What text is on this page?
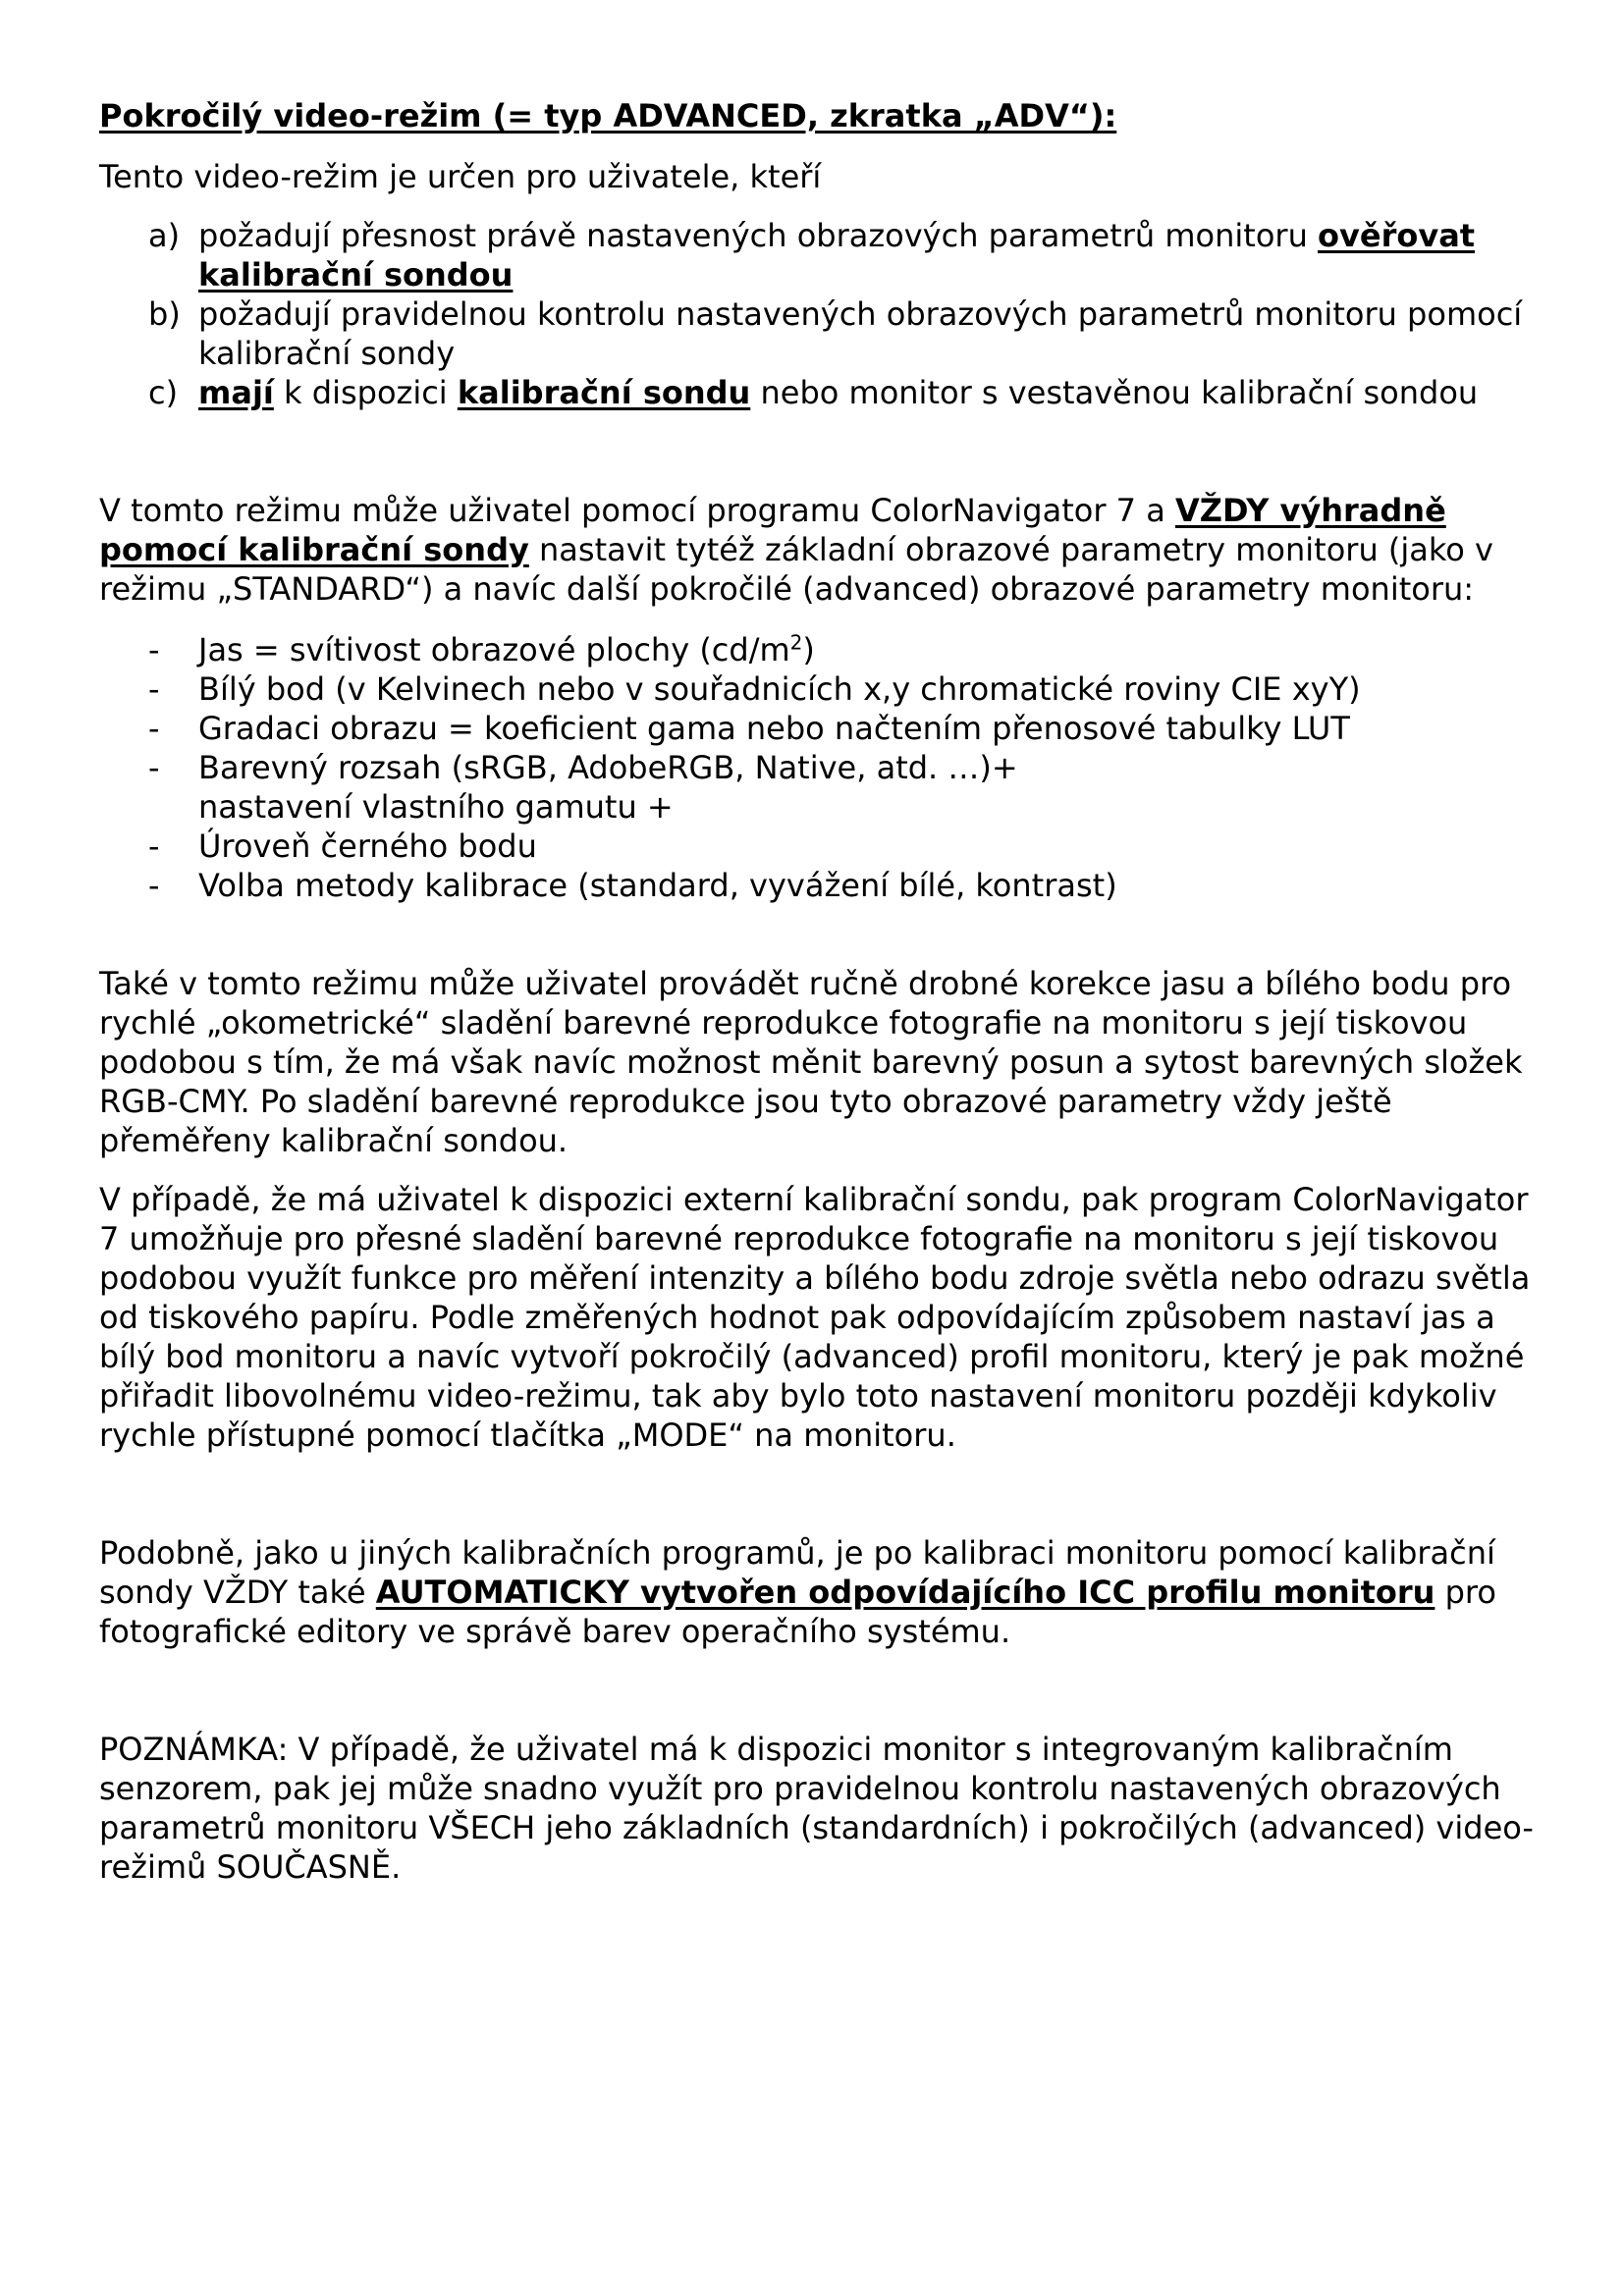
Pokročilý video-režim (= typ ADVANCED, zkratka „ADV“):

Tento video-režim je určen pro uživatele, kteří

a) požadují přesnost právě nastavených obrazových parametrů monitoru ověřovat kalibrační sondou
b) požadují pravidelnou kontrolu nastavených obrazových parametrů monitoru pomocí kalibrační sondy
c) mají k dispozici kalibrační sondu nebo monitor s vestavěnou kalibrační sondou

V tomto režimu může uživatel pomocí programu ColorNavigator 7 a VŽDY výhradně pomocí kalibrační sondy nastavit tytéž základní obrazové parametry monitoru (jako v režimu „STANDARD“) a navíc další pokročilé (advanced) obrazové parametry monitoru:

- Jas = svítivost obrazové plochy $(cd/m^2)$
- Bílý bod (v Kelvinech nebo v souřadnicích x,y chromatické roviny CIE xyY)
- Gradaci obrazu = koeficient gama nebo načtením přenosové tabulky LUT
- Barevný rozsah (sRGB, AdobeRGB, Native, atd. …)+ nastavení vlastního gamutu +
- Úroveň černého bodu
- Volba metody kalibrace (standard, vyvážení bílé, kontrast)

Také v tomto režimu může uživatel provádět ručně drobné korekce jasu a bílého bodu pro rychlé „okometrické“ sladění barevné reprodukce fotografie na monitoru s její tiskovou podobou s tím, že má však navíc možnost měnit barevný posun a sytost barevných složek RGB-CMY. Po sladění barevné reprodukce jsou tyto obrazové parametry vždy ještě přeměřeny kalibrační sondou.

V případě, že má uživatel k dispozici externí kalibrační sondu, pak program ColorNavigator 7 umožňuje pro přesné sladění barevné reprodukce fotografie na monitoru s její tiskovou podobou využít funkce pro měření intenzity a bílého bodu zdroje světla nebo odrazu světla od tiskového papíru. Podle změřených hodnot pak odpovídajícím způsobem nastaví jas a bílý bod monitoru a navíc vytvoří pokročilý (advanced) profil monitoru, který je pak možné přiřadit libovolnému video-režimu, tak aby bylo toto nastavení monitoru později kdykoliv rychle přístupné pomocí tlačítka „MODE“ na monitoru.

Podobně, jako u jiných kalibračních programů, je po kalibraci monitoru pomocí kalibrační sondy VŽDY také AUTOMATICKY vytvořen odpovídajícího ICC profilu monitoru pro fotografické editory ve správě barev operačního systému.

POZNÁMKA: V případě, že uživatel má k dispozici monitor s integrovaným kalibračním senzorem, pak jej může snadno využít pro pravidelnou kontrolu nastavených obrazových parametrů monitoru VŠECH jeho základních (standardních) i pokročilých (advanced) video-režimů SOUČASNĚ.
